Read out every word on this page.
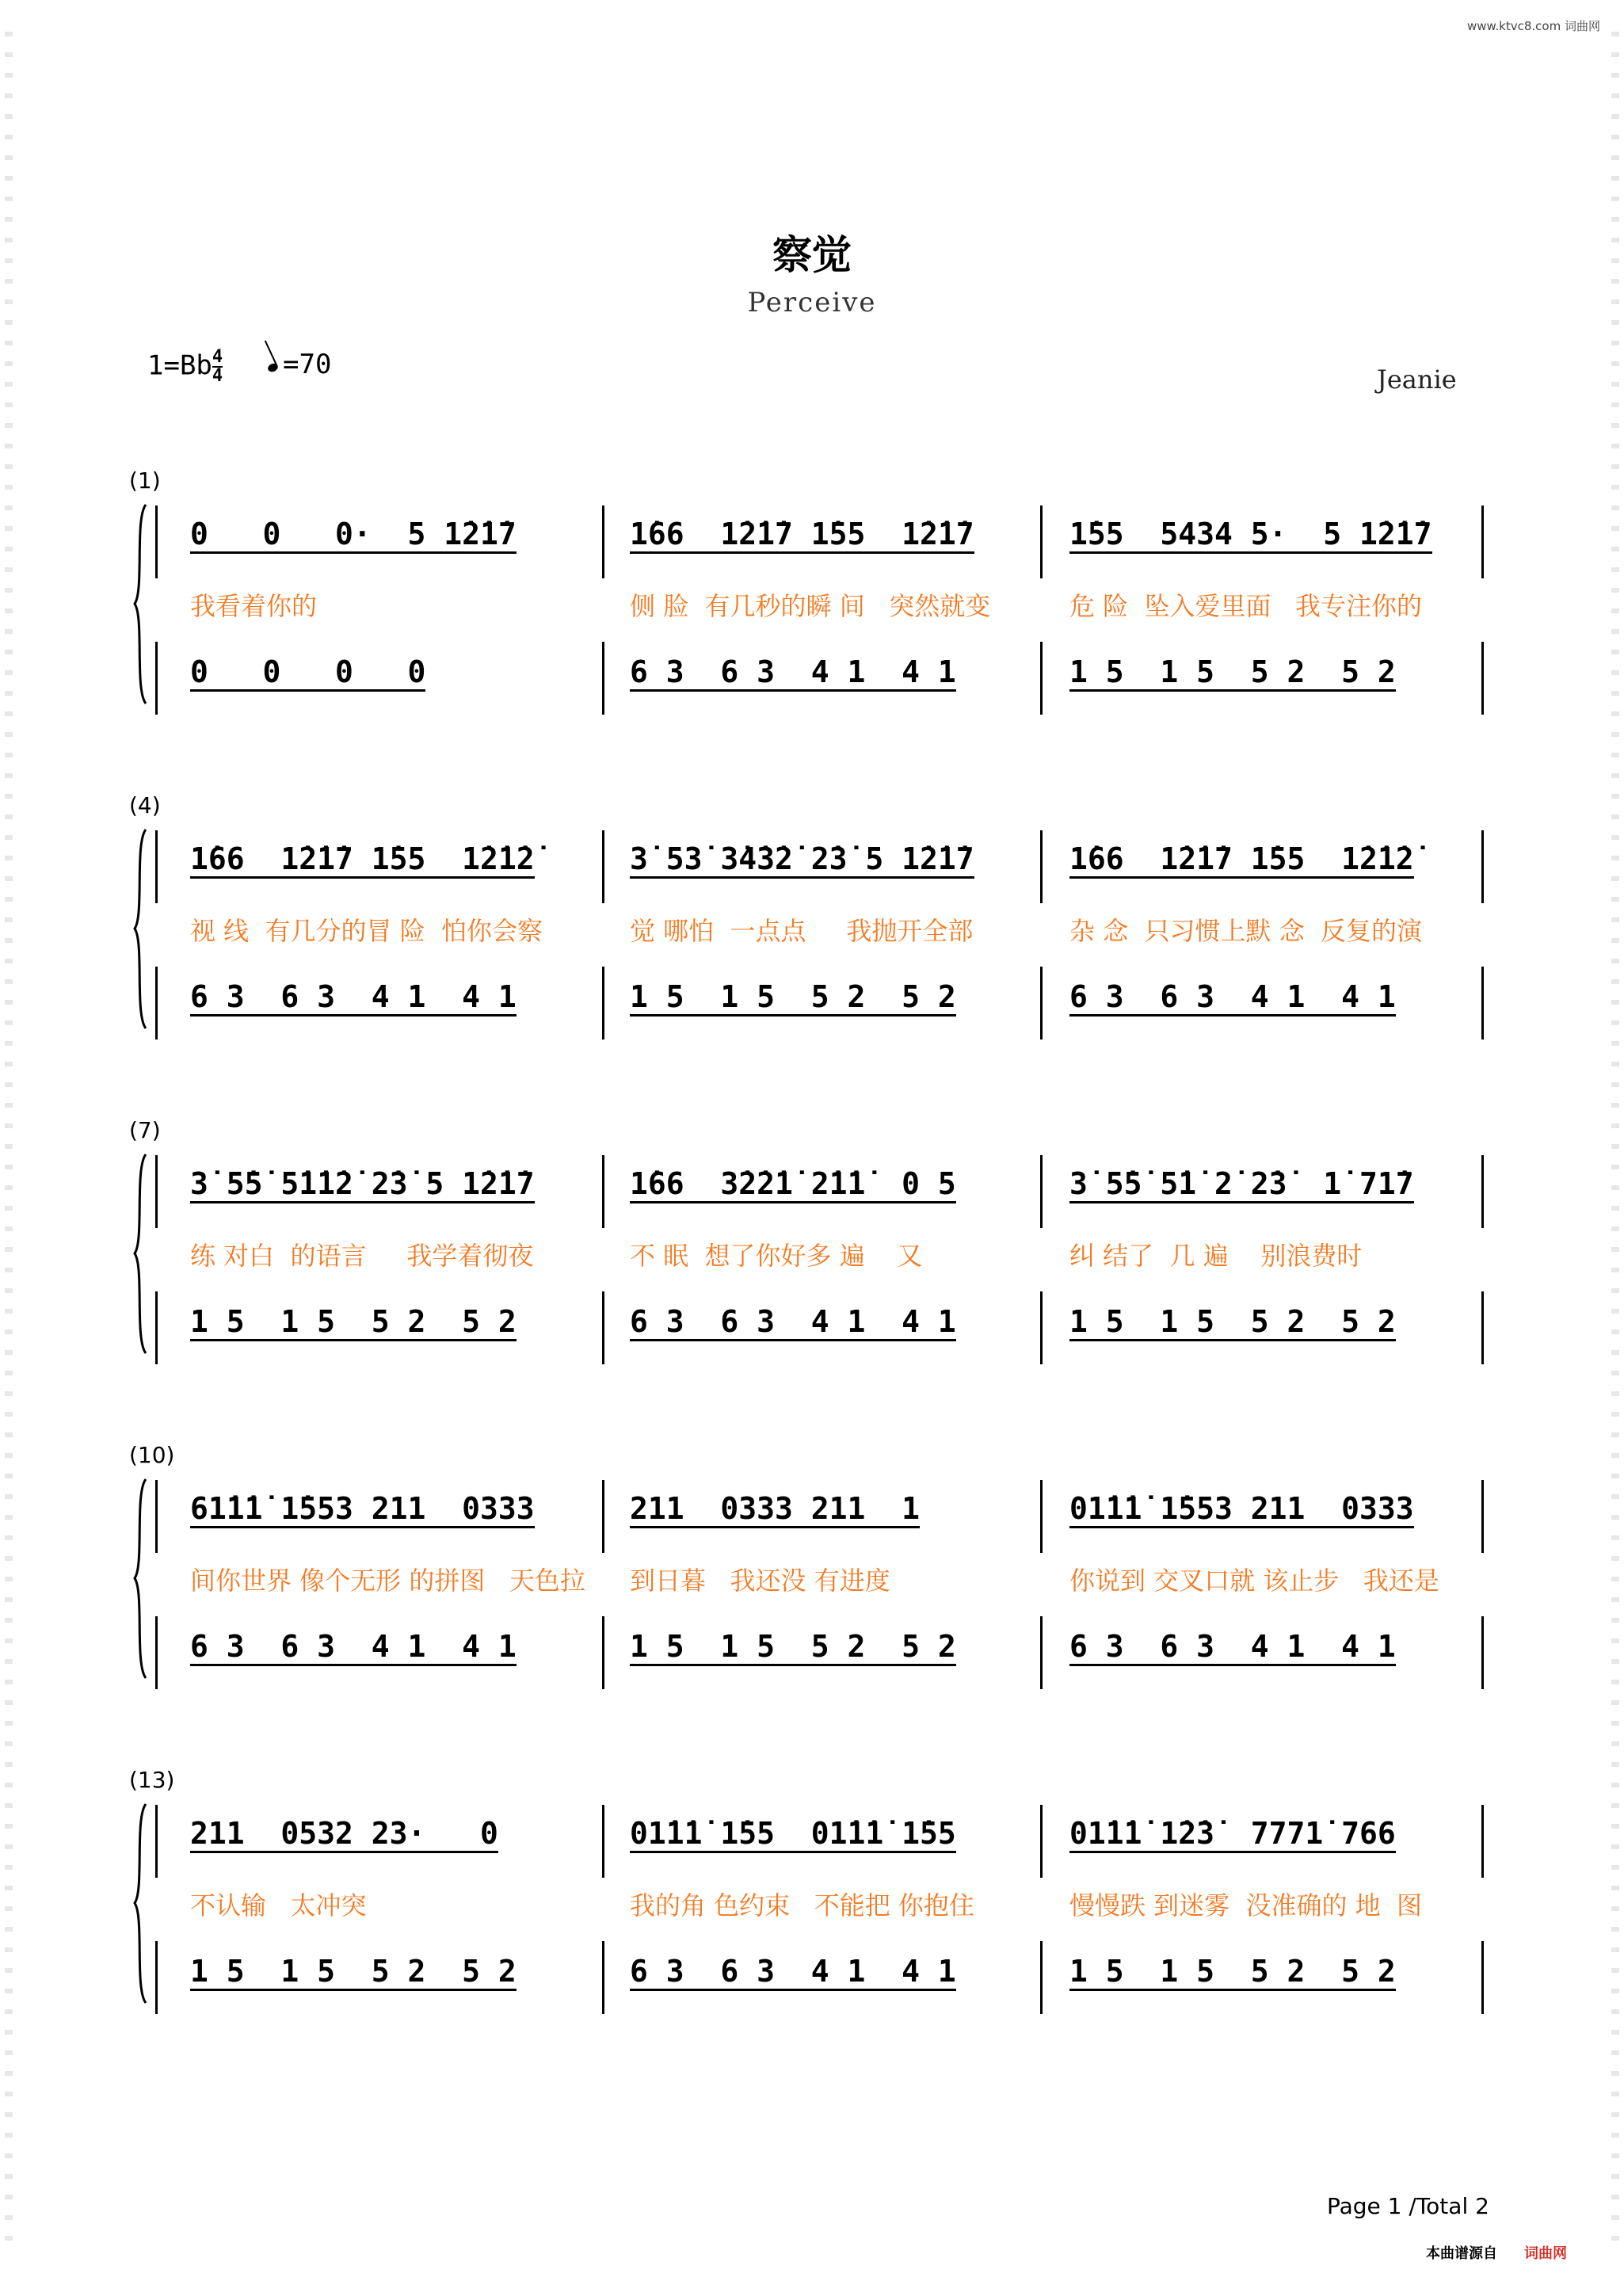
www.ktvc8.com 词曲网
察觉
Perceive
$1=Bb \frac{4}{4}$	=70	Jeanie
(1)
0   0   0·  5 1̇2̇1̇7
我看着你的
0   0   0   0
1̇66  1̇2̇1̇7 1̇55  1̇2̇1̇7
侧 脸  有几秒的瞬 间   突然就变
6 3  6 3  4 1  4 1
1̇55  5434 5·  5 1̇2̇1̇7
危 险  坠入爱里面   我专注你的
1 5  1 5  5 2  5 2
(4)
1̇66  1̇2̇1̇7 1̇55  1̇2̇1̇2̇
视 线  有几分的冒 险  怕你会察
6 3  6 3  4 1  4 1
3̇ 53̇ 3̇4̇3̇2̇ 2̇3̇ 5 1̇2̇1̇7
觉 哪怕  一点点     我抛开全部
1 5  1 5  5 2  5 2
1̇66  1̇2̇1̇7 1̇55  1̇2̇1̇2̇
杂 念  只习惯上默 念  反复的演
6 3  6 3  4 1  4 1
(7)
3̇ 5̇5̇ 5̇1̇1̇2̇ 2̇3̇ 5 1̇2̇1̇7
练 对白  的语言     我学着彻夜
1 5  1 5  5 2  5 2
1̇66  3̇2̇2̇1̇ 2̇1̇1̇  0 5
不 眠  想了你好多 遍    又
6 3  6 3  4 1  4 1
3̇ 5̇5̇ 5̇1̇ 2̇ 2̇3̇  1̇ 71̇7
纠 结了  几 遍    别浪费时
1 5  1 5  5 2  5 2
(10)
61̇1̇1̇ 1̇553 211  0333
间你世界 像个无形 的拼图   天色拉
6 3  6 3  4 1  4 1
211  0333 211  1
到日暮   我还没 有进度
1 5  1 5  5 2  5 2
01̇1̇1̇ 1̇553 211  0333
你说到 交叉口就 该止步   我还是
6 3  6 3  4 1  4 1
(13)
211  0532 23·   0
不认输   太冲突
1 5  1 5  5 2  5 2
01̇1̇1̇ 1̇55  01̇1̇1̇ 1̇55
我的角 色约束   不能把 你抱住
6 3  6 3  4 1  4 1
01̇1̇1̇ 1̇2̇3̇  7771̇ 766
慢慢跌 到迷雾  没准确的 地  图
1 5  1 5  5 2  5 2
Page 1 /Total 2
本曲谱源自 词曲网
